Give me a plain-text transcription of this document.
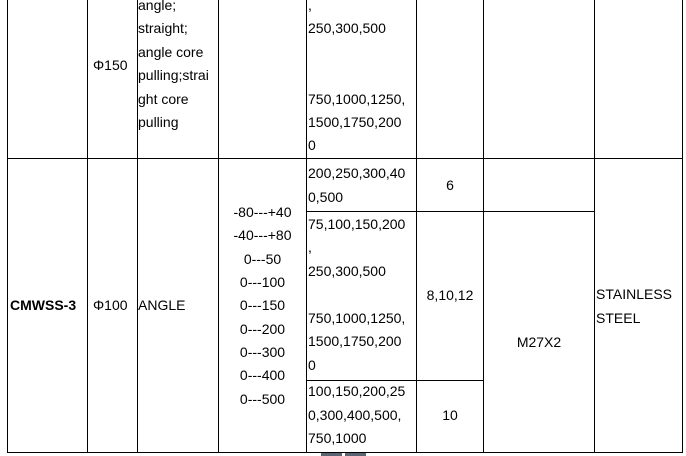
Φ150
angle;
straight;
angle core
pulling;strai
ght core
pulling
,
250,300,500
750,1000,1250,
1500,1750,200
0
CMWSS-3 Φ100 ANGLE
-80---+40
-40---+80
0---50
0---100
0---150
0---200
0---300
0---400
0---500
200,250,300,40
0,500
6
75,100,150,200
,
250,300,500
750,1000,1250,
1500,1750,200
0
8,10,12
100,150,200,25
0,300,400,500,
750,1000
10
M27X2
STAINLESS
STEEL
